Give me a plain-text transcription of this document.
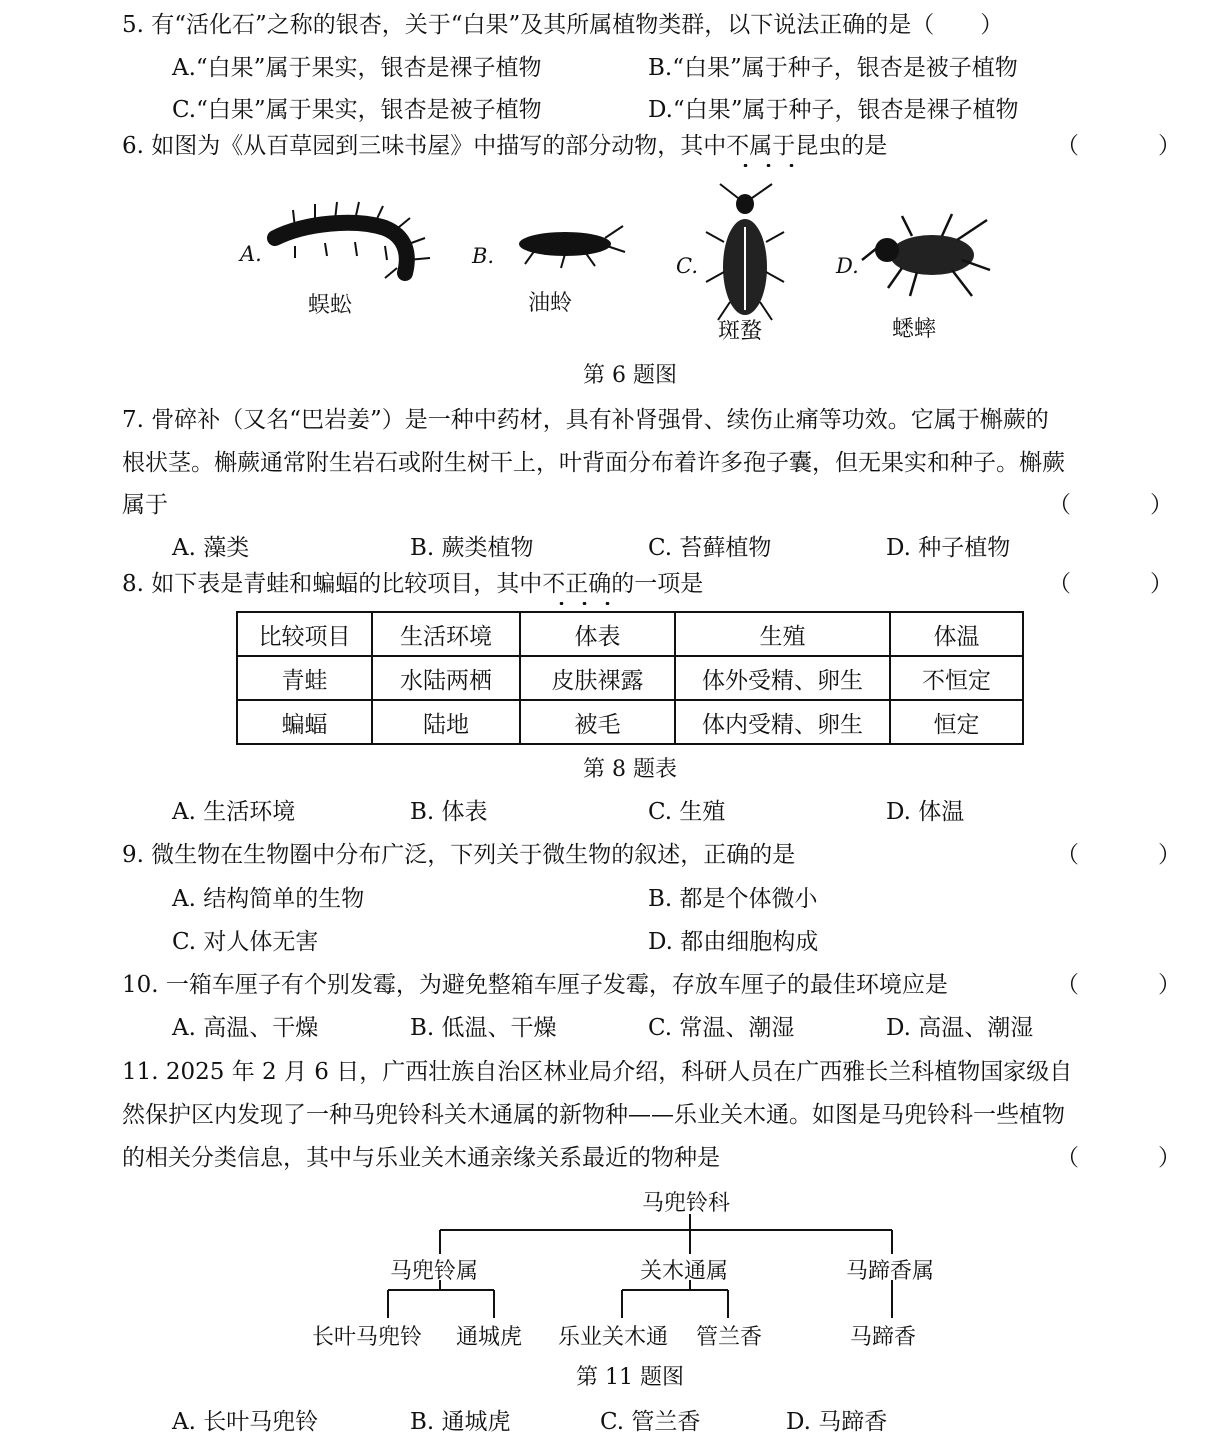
5. 有“活化石”之称的银杏，关于“白果”及其所属植物类群，以下说法正确的是（　　）
A.“白果”属于果实，银杏是裸子植物	B.“白果”属于种子，银杏是被子植物
C.“白果”属于果实，银杏是被子植物	D.“白果”属于种子，银杏是裸子植物
6. 如图为《从百草园到三味书屋》中描写的部分动物，其中不属于昆虫的是	（　）
A.
蜈蚣
B.
油蛉
C.
斑蝥
D.
蟋蟀
第 6 题图
7. 骨碎补（又名“巴岩姜”）是一种中药材，具有补肾强骨、续伤止痛等功效。它属于槲蕨的
根状茎。槲蕨通常附生岩石或附生树干上，叶背面分布着许多孢子囊，但无果实和种子。槲蕨
属于	（　）
A. 藻类	B. 蕨类植物	C. 苔藓植物	D. 种子植物
8. 如下表是青蛙和蝙蝠的比较项目，其中不正确的一项是	（　）
比较项目	生活环境	体表	生殖	体温
青蛙	水陆两栖	皮肤裸露	体外受精、卵生	不恒定
蝙蝠	陆地	被毛	体内受精、卵生	恒定
第 8 题表
A. 生活环境	B. 体表	C. 生殖	D. 体温
9. 微生物在生物圈中分布广泛，下列关于微生物的叙述，正确的是	（　）
A. 结构简单的生物	B. 都是个体微小
C. 对人体无害	D. 都由细胞构成
10. 一箱车厘子有个别发霉，为避免整箱车厘子发霉，存放车厘子的最佳环境应是	（　）
A. 高温、干燥	B. 低温、干燥	C. 常温、潮湿	D. 高温、潮湿
11. 2025 年 2 月 6 日，广西壮族自治区林业局介绍，科研人员在广西雅长兰科植物国家级自
然保护区内发现了一种马兜铃科关木通属的新物种——乐业关木通。如图是马兜铃科一些植物
的相关分类信息，其中与乐业关木通亲缘关系最近的物种是	（　）
马兜铃科
马兜铃属	关木通属	马蹄香属
长叶马兜铃 通城虎 乐业关木通 管兰香	马蹄香
第 11 题图
A. 长叶马兜铃	B. 通城虎	C. 管兰香	D. 马蹄香
